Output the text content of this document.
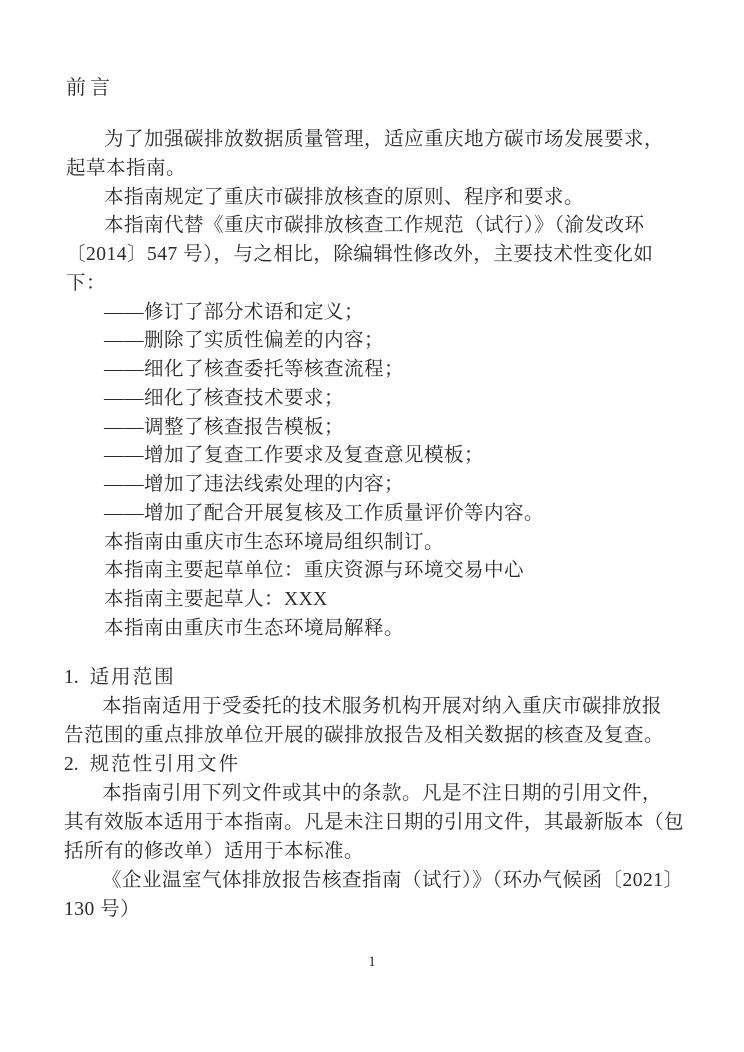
前言
为了加强碳排放数据质量管理，适应重庆地方碳市场发展要求，
起草本指南。
本指南规定了重庆市碳排放核查的原则、程序和要求。
本指南代替《重庆市碳排放核查工作规范（试行）》（渝发改环
〔2014〕547 号），与之相比，除编辑性修改外，主要技术性变化如
下：
——修订了部分术语和定义；
——删除了实质性偏差的内容；
——细化了核查委托等核查流程；
——细化了核查技术要求；
——调整了核查报告模板；
——增加了复查工作要求及复查意见模板；
——增加了违法线索处理的内容；
——增加了配合开展复核及工作质量评价等内容。
本指南由重庆市生态环境局组织制订。
本指南主要起草单位：重庆资源与环境交易中心
本指南主要起草人：XXX
本指南由重庆市生态环境局解释。
1. 适用范围
本指南适用于受委托的技术服务机构开展对纳入重庆市碳排放报
告范围的重点排放单位开展的碳排放报告及相关数据的核查及复查。
2. 规范性引用文件
本指南引用下列文件或其中的条款。凡是不注日期的引用文件，
其有效版本适用于本指南。凡是未注日期的引用文件，其最新版本（包
括所有的修改单）适用于本标准。
《企业温室气体排放报告核查指南（试行）》（环办气候函〔2021〕
130 号）
1
